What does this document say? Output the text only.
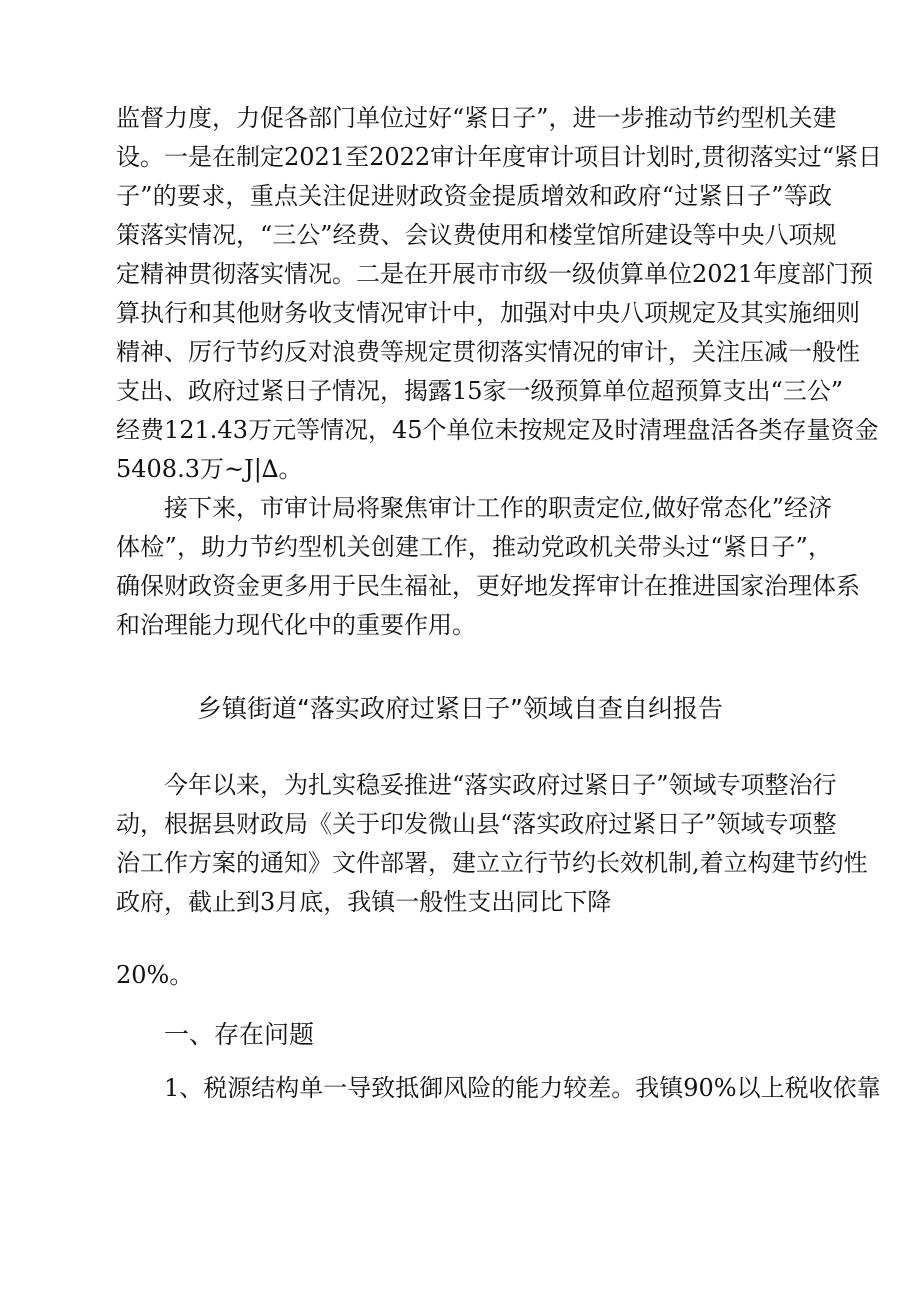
监督力度，力促各部门单位过好“紧日子”，进一步推动节约型机关建
设。一是在制定2021至2022审计年度审计项目计划时,贯彻落实过“紧日
子”的要求，重点关注促进财政资金提质增效和政府“过紧日子”等政
策落实情况，“三公”经费、会议费使用和楼堂馆所建设等中央八项规
定精神贯彻落实情况。二是在开展市市级一级侦算单位2021年度部门预
算执行和其他财务收支情况审计中，加强对中央八项规定及其实施细则
精神、厉行节约反对浪费等规定贯彻落实情况的审计，关注压减一般性
支出、政府过紧日子情况，揭露15家一级预算单位超预算支出“三公”
经费121.43万元等情况，45个单位未按规定及时清理盘活各类存量资金
5408.3万~J|∆。
接下来，市审计局将聚焦审计工作的职责定位,做好常态化”经济
体检”，助力节约型机关创建工作，推动党政机关带头过“紧日子”，
确保财政资金更多用于民生福祉，更好地发挥审计在推进国家治理体系
和治理能力现代化中的重要作用。
乡镇街道“落实政府过紧日子”领域自查自纠报告
今年以来，为扎实稳妥推进“落实政府过紧日子”领域专项整治行
动，根据县财政局《关于印发微山县“落实政府过紧日子”领域专项整
治工作方案的通知》文件部署，建立立行节约长效机制,着立构建节约性
政府，截止到3月底，我镇一般性支出同比下降
20%。
一、存在问题
1、税源结构单一导致抵御风险的能力较差。我镇90%以上税收依靠
